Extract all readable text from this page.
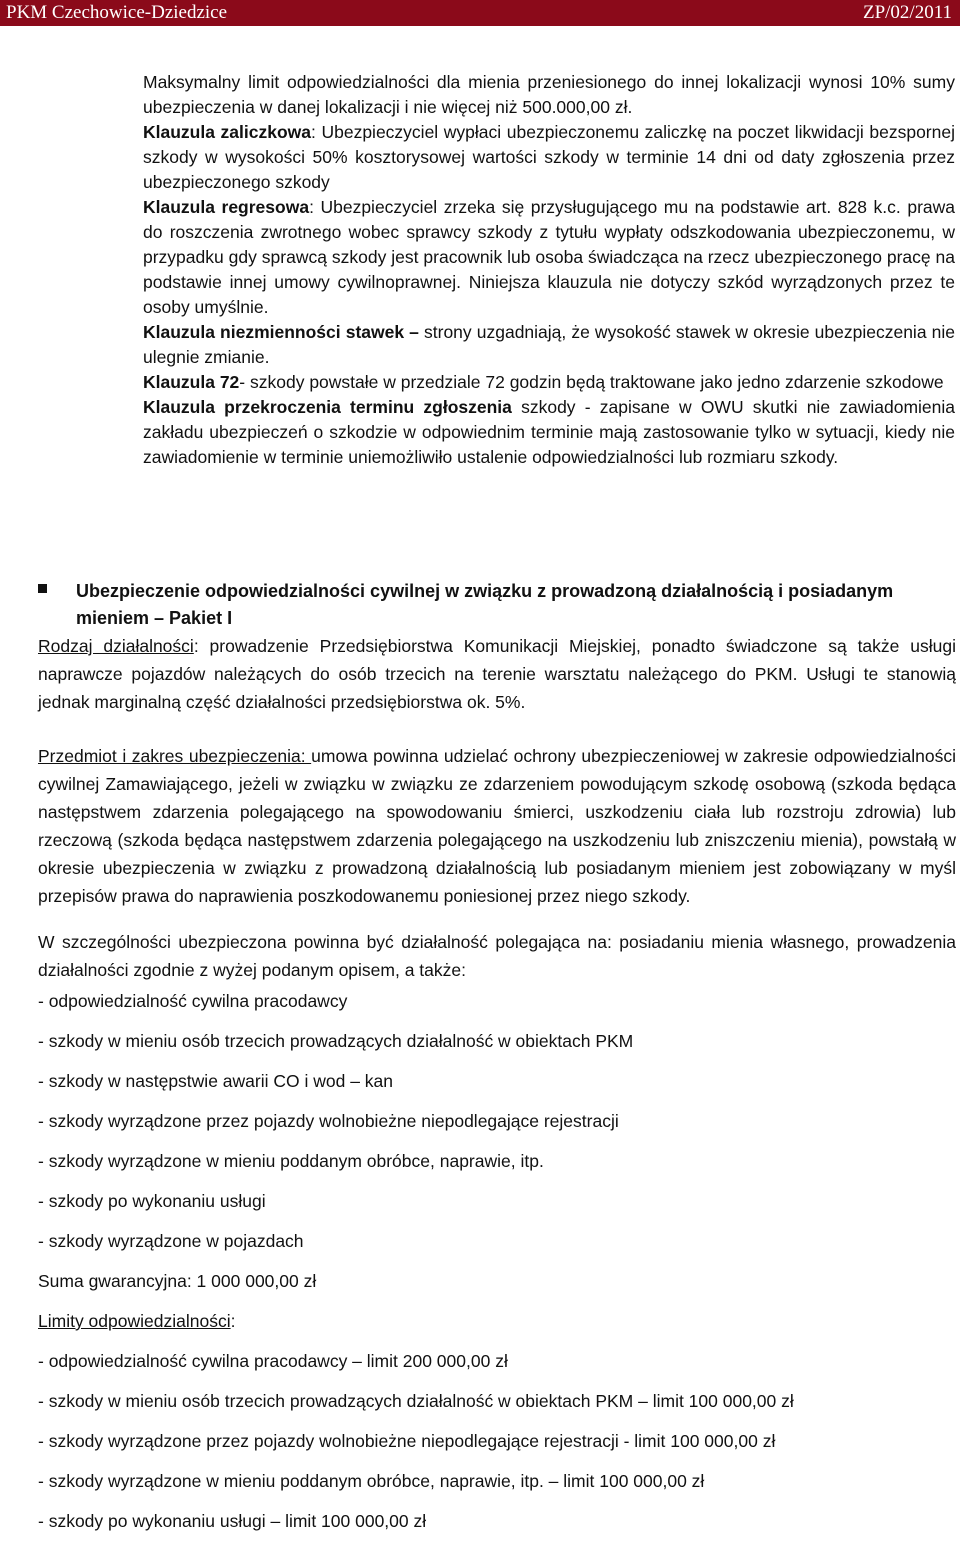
PKM Czechowice-Dziedzice	ZP/02/2011

Maksymalny limit odpowiedzialności dla mienia przeniesionego do innej lokalizacji wynosi 10% sumy ubezpieczenia w danej lokalizacji i nie więcej niż 500.000,00 zł.

Klauzula zaliczkowa: Ubezpieczyciel wypłaci ubezpieczonemu zaliczkę na poczet likwidacji bezspornej szkody w wysokości 50% kosztorysowej wartości szkody w terminie 14 dni od daty zgłoszenia przez ubezpieczonego szkody

Klauzula regresowa: Ubezpieczyciel zrzeka się przysługującego mu na podstawie art. 828 k.c. prawa do roszczenia zwrotnego wobec sprawcy szkody z tytułu wypłaty odszkodowania ubezpieczonemu, w przypadku gdy sprawcą szkody jest pracownik lub osoba świadcząca na rzecz ubezpieczonego pracę na podstawie innej umowy cywilnoprawnej. Niniejsza klauzula nie dotyczy szkód wyrządzonych przez te osoby umyślnie.

Klauzula niezmienności stawek – strony uzgadniają, że wysokość stawek w okresie ubezpieczenia nie ulegnie zmianie.

Klauzula 72- szkody powstałe w przedziale 72 godzin będą traktowane jako jedno zdarzenie szkodowe

Klauzula przekroczenia terminu zgłoszenia szkody - zapisane w OWU skutki nie zawiadomienia zakładu ubezpieczeń o szkodzie w odpowiednim terminie mają zastosowanie tylko w sytuacji, kiedy nie zawiadomienie w terminie uniemożliwiło ustalenie odpowiedzialności lub rozmiaru szkody.

Ubezpieczenie odpowiedzialności cywilnej w związku z prowadzoną działalnością i posiadanym mieniem – Pakiet I

Rodzaj działalności: prowadzenie Przedsiębiorstwa Komunikacji Miejskiej, ponadto świadczone są także usługi naprawcze pojazdów należących do osób trzecich na terenie warsztatu należącego do PKM. Usługi te stanowią jednak marginalną część działalności przedsiębiorstwa ok. 5%.

Przedmiot i zakres ubezpieczenia: umowa powinna udzielać ochrony ubezpieczeniowej w zakresie odpowiedzialności cywilnej Zamawiającego, jeżeli w związku w związku ze zdarzeniem powodującym szkodę osobową (szkoda będąca następstwem zdarzenia polegającego na spowodowaniu śmierci, uszkodzeniu ciała lub rozstroju zdrowia) lub rzeczową (szkoda będąca następstwem zdarzenia polegającego na uszkodzeniu lub zniszczeniu mienia), powstałą w okresie ubezpieczenia w związku z prowadzoną działalnością lub posiadanym mieniem jest zobowiązany w myśl przepisów prawa do naprawienia poszkodowanemu poniesionej przez niego szkody.

W szczególności ubezpieczona powinna być działalność polegająca na: posiadaniu mienia własnego, prowadzenia działalności zgodnie z wyżej podanym opisem, a także:

- odpowiedzialność cywilna pracodawcy
- szkody w mieniu osób trzecich prowadzących działalność w obiektach PKM
- szkody w następstwie awarii CO i wod – kan
- szkody wyrządzone przez pojazdy wolnobieżne niepodlegające rejestracji
- szkody wyrządzone w mieniu poddanym obróbce, naprawie, itp.
- szkody po wykonaniu usługi
- szkody wyrządzone w pojazdach
Suma gwarancyjna: 1 000 000,00 zł
Limity odpowiedzialności:
- odpowiedzialność cywilna pracodawcy – limit 200 000,00 zł
- szkody w mieniu osób trzecich prowadzących działalność w obiektach PKM – limit 100 000,00 zł
- szkody wyrządzone przez pojazdy wolnobieżne niepodlegające rejestracji - limit 100 000,00 zł
- szkody wyrządzone w mieniu poddanym obróbce, naprawie, itp. – limit 100 000,00 zł
- szkody po wykonaniu usługi – limit 100 000,00 zł
